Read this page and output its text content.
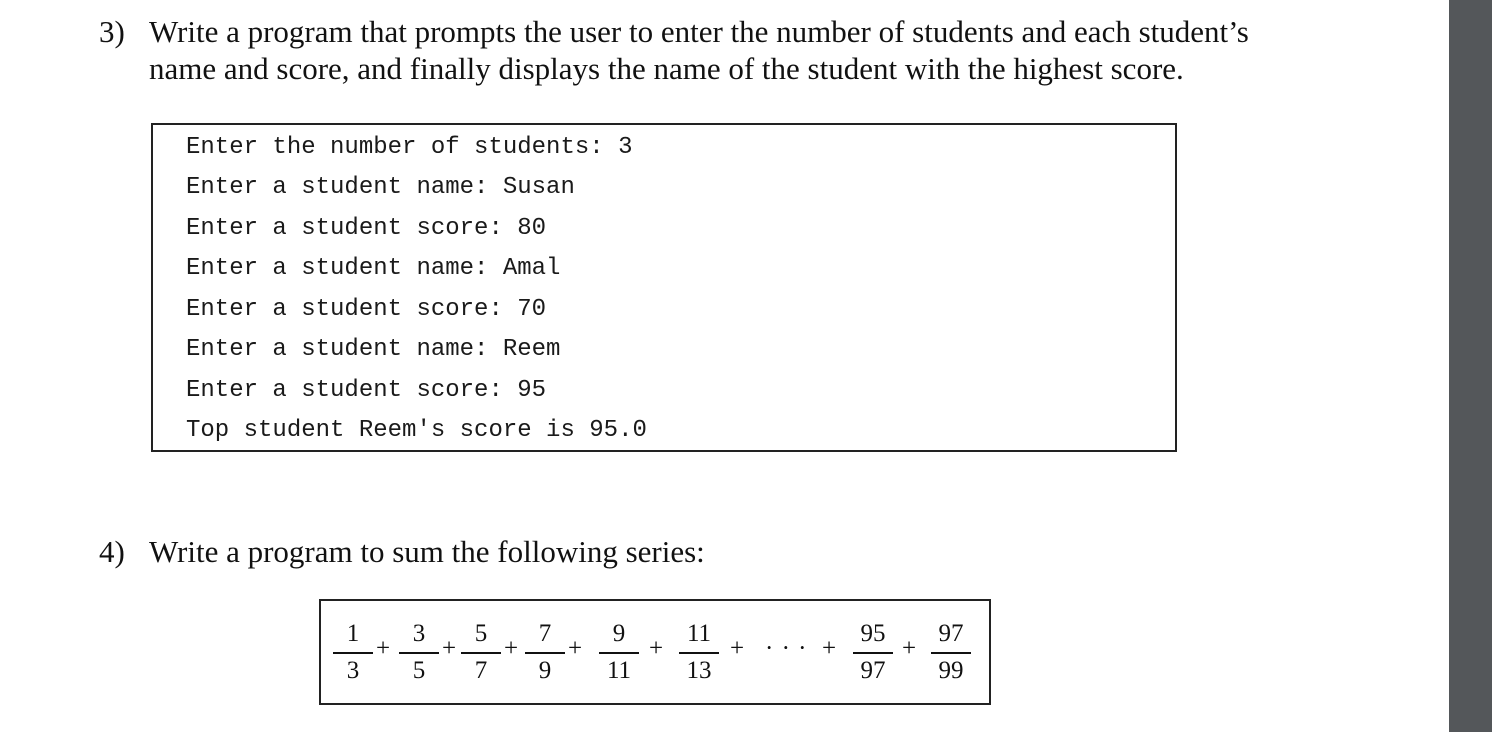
3) Write a program that prompts the user to enter the number of students and each student’s
name and score, and finally displays the name of the student with the highest score.
Enter the number of students: 3
Enter a student name: Susan
Enter a student score: 80
Enter a student name: Amal
Enter a student score: 70
Enter a student name: Reem
Enter a student score: 95
Top student Reem's score is 95.0
4) Write a program to sum the following series:
1
3
+
3
5
+
5
7
+
7
9
+
9
11
+
11
13
+ · · · +
95
97
+
97
99
